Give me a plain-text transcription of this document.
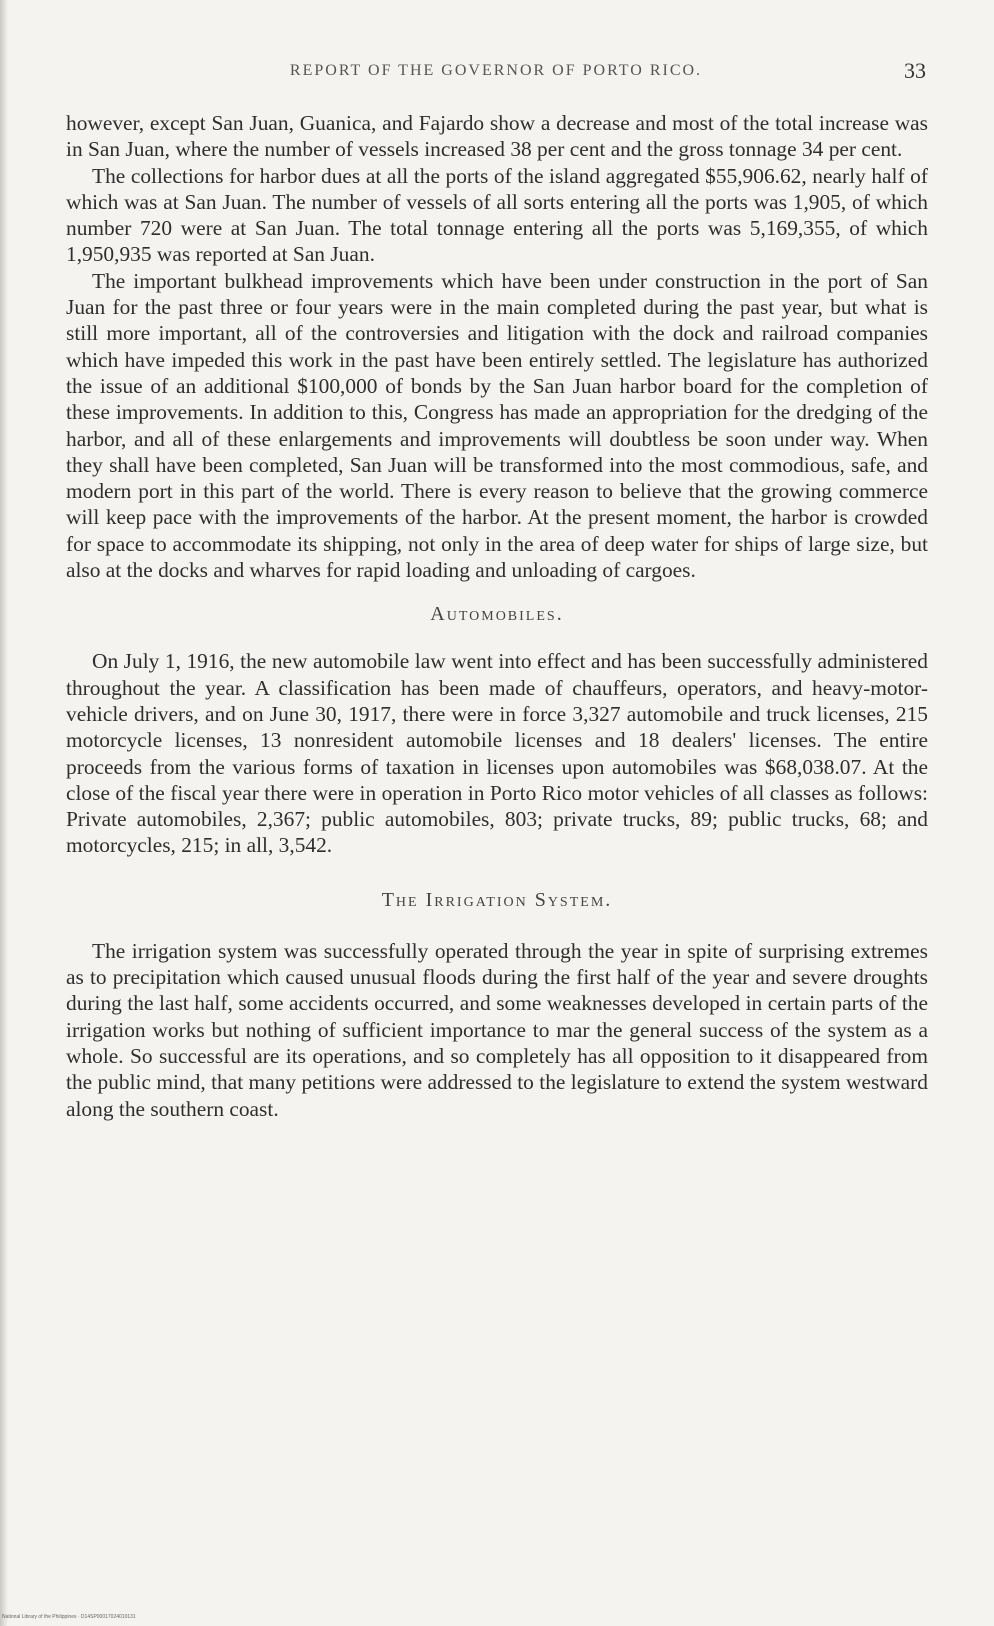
REPORT OF THE GOVERNOR OF PORTO RICO.	33

however, except San Juan, Guanica, and Fajardo show a decrease and most of the total increase was in San Juan, where the number of vessels increased 38 per cent and the gross tonnage 34 per cent.

The collections for harbor dues at all the ports of the island aggregated $55,906.62, nearly half of which was at San Juan. The number of vessels of all sorts entering all the ports was 1,905, of which number 720 were at San Juan. The total tonnage entering all the ports was 5,169,355, of which 1,950,935 was reported at San Juan.

The important bulkhead improvements which have been under construction in the port of San Juan for the past three or four years were in the main completed during the past year, but what is still more important, all of the controversies and litigation with the dock and railroad companies which have impeded this work in the past have been entirely settled. The legislature has authorized the issue of an additional $100,000 of bonds by the San Juan harbor board for the completion of these improvements. In addition to this, Congress has made an appropriation for the dredging of the harbor, and all of these enlargements and improvements will doubtless be soon under way. When they shall have been completed, San Juan will be transformed into the most commodious, safe, and modern port in this part of the world. There is every reason to believe that the growing commerce will keep pace with the improvements of the harbor. At the present moment, the harbor is crowded for space to accommodate its shipping, not only in the area of deep water for ships of large size, but also at the docks and wharves for rapid loading and unloading of cargoes.

Automobiles.

On July 1, 1916, the new automobile law went into effect and has been successfully administered throughout the year. A classification has been made of chauffeurs, operators, and heavy-motor-vehicle drivers, and on June 30, 1917, there were in force 3,327 automobile and truck licenses, 215 motorcycle licenses, 13 nonresident automobile licenses and 18 dealers' licenses. The entire proceeds from the various forms of taxation in licenses upon automobiles was $68,038.07. At the close of the fiscal year there were in operation in Porto Rico motor vehicles of all classes as follows: Private automobiles, 2,367; public automobiles, 803; private trucks, 89; public trucks, 68; and motorcycles, 215; in all, 3,542.

The Irrigation System.

The irrigation system was successfully operated through the year in spite of surprising extremes as to precipitation which caused unusual floods during the first half of the year and severe droughts during the last half, some accidents occurred, and some weaknesses developed in certain parts of the irrigation works but nothing of sufficient importance to mar the general success of the system as a whole. So successful are its operations, and so completely has all opposition to it disappeared from the public mind, that many petitions were addressed to the legislature to extend the system westward along the southern coast.

National Library of the Philippines · D14SP00017024010131
